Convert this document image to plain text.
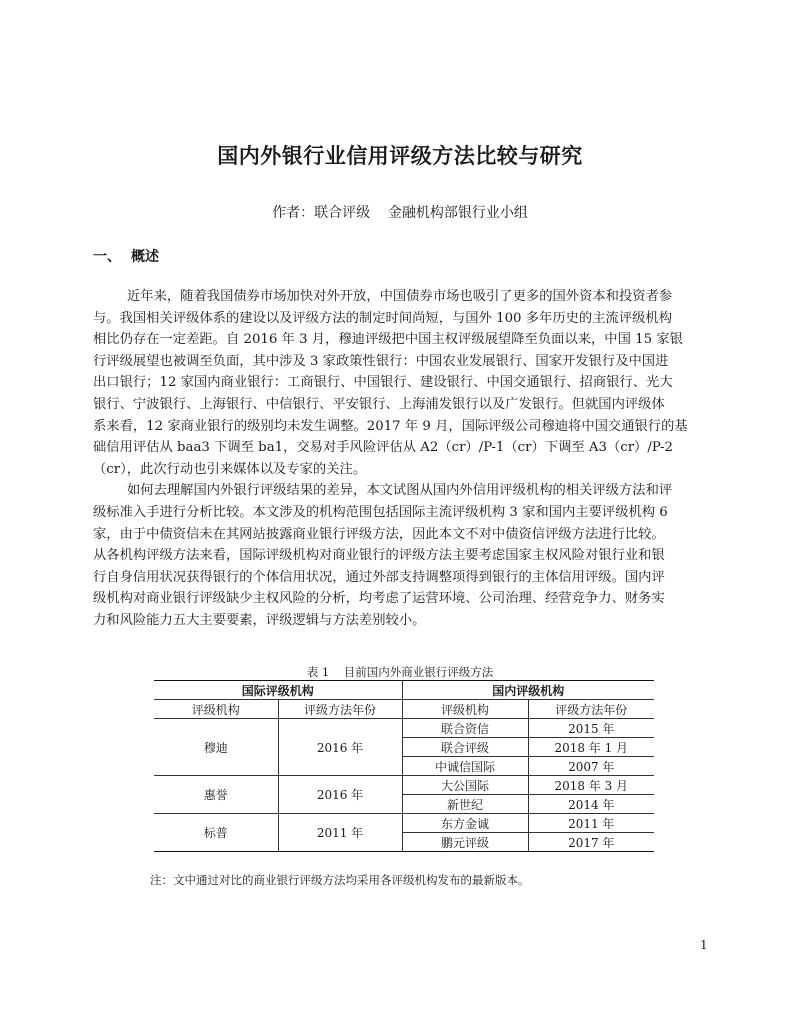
国内外银行业信用评级方法比较与研究
作者：联合评级    金融机构部银行业小组
一、 概述
近年来，随着我国债券市场加快对外开放，中国债券市场也吸引了更多的国外资本和投资者参
与。我国相关评级体系的建设以及评级方法的制定时间尚短，与国外 100 多年历史的主流评级机构
相比仍存在一定差距。自 2016 年 3 月，穆迪评级把中国主权评级展望降至负面以来，中国 15 家银
行评级展望也被调至负面，其中涉及 3 家政策性银行：中国农业发展银行、国家开发银行及中国进
出口银行；12 家国内商业银行：工商银行、中国银行、建设银行、中国交通银行、招商银行、光大
银行、宁波银行、上海银行、中信银行、平安银行、上海浦发银行以及广发银行。但就国内评级体
系来看，12 家商业银行的级别均未发生调整。2017 年 9 月，国际评级公司穆迪将中国交通银行的基
础信用评估从 baa3 下调至 ba1，交易对手风险评估从 A2（cr）/P-1（cr）下调至 A3（cr）/P-2
（cr），此次行动也引来媒体以及专家的关注。
如何去理解国内外银行评级结果的差异，本文试图从国内外信用评级机构的相关评级方法和评
级标准入手进行分析比较。本文涉及的机构范围包括国际主流评级机构 3 家和国内主要评级机构 6
家，由于中债资信未在其网站披露商业银行评级方法，因此本文不对中债资信评级方法进行比较。
从各机构评级方法来看，国际评级机构对商业银行的评级方法主要考虑国家主权风险对银行业和银
行自身信用状况获得银行的个体信用状况，通过外部支持调整项得到银行的主体信用评级。国内评
级机构对商业银行评级缺少主权风险的分析，均考虑了运营环境、公司治理、经营竞争力、财务实
力和风险能力五大主要要素，评级逻辑与方法差别较小。
表 1    目前国内外商业银行评级方法
国际评级机构		国内评级机构	
评级机构	评级方法年份	评级机构	评级方法年份
穆迪	2016 年	联合资信	2015 年
		联合评级	2018 年 1 月
		中诚信国际	2007 年
惠誉	2016 年	大公国际	2018 年 3 月
		新世纪	2014 年
标普	2011 年	东方金诚	2011 年
		鹏元评级	2017 年
注：文中通过对比的商业银行评级方法均采用各评级机构发布的最新版本。
1
